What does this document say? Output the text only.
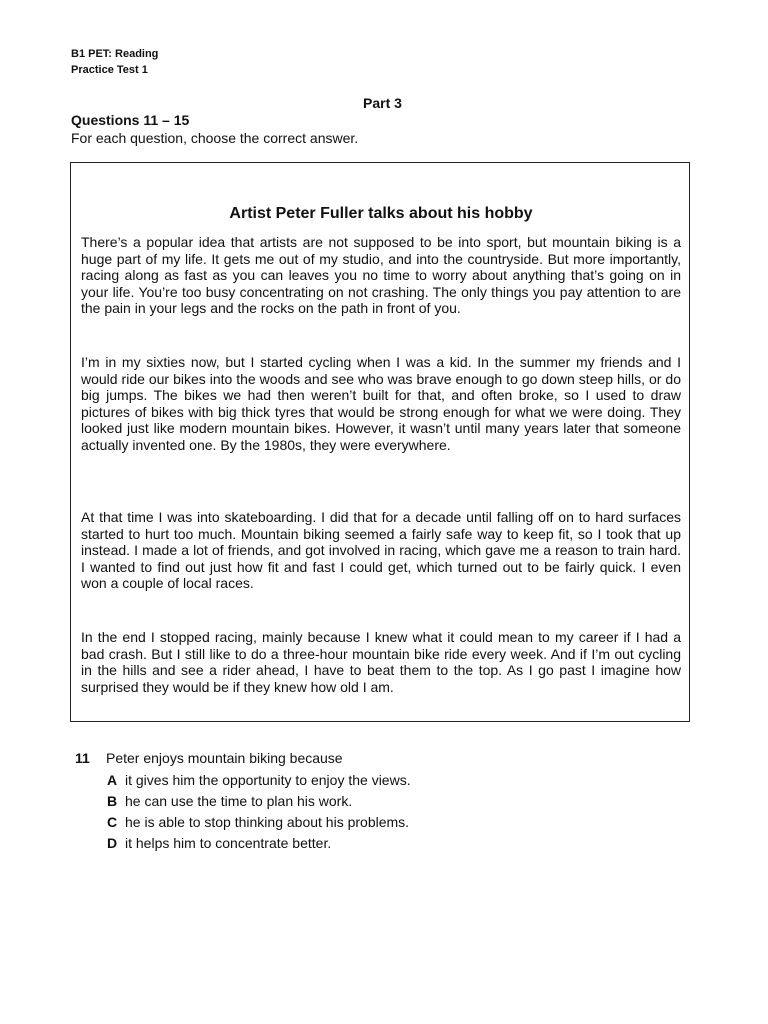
B1 PET: Reading
Practice Test 1
Part 3
Questions 11 – 15
For each question, choose the correct answer.
Artist Peter Fuller talks about his hobby

There’s a popular idea that artists are not supposed to be into sport, but mountain biking is a huge part of my life. It gets me out of my studio, and into the countryside. But more importantly, racing along as fast as you can leaves you no time to worry about anything that’s going on in your life. You’re too busy concentrating on not crashing. The only things you pay attention to are the pain in your legs and the rocks on the path in front of you.

I’m in my sixties now, but I started cycling when I was a kid. In the summer my friends and I would ride our bikes into the woods and see who was brave enough to go down steep hills, or do big jumps. The bikes we had then weren’t built for that, and often broke, so I used to draw pictures of bikes with big thick tyres that would be strong enough for what we were doing. They looked just like modern mountain bikes. However, it wasn’t until many years later that someone actually invented one. By the 1980s, they were everywhere.

At that time I was into skateboarding. I did that for a decade until falling off on to hard surfaces started to hurt too much. Mountain biking seemed a fairly safe way to keep fit, so I took that up instead. I made a lot of friends, and got involved in racing, which gave me a reason to train hard. I wanted to find out just how fit and fast I could get, which turned out to be fairly quick. I even won a couple of local races.

In the end I stopped racing, mainly because I knew what it could mean to my career if I had a bad crash. But I still like to do a three-hour mountain bike ride every week. And if I’m out cycling in the hills and see a rider ahead, I have to beat them to the top. As I go past I imagine how surprised they would be if they knew how old I am.

11 Peter enjoys mountain biking because
A it gives him the opportunity to enjoy the views.
B he can use the time to plan his work.
C he is able to stop thinking about his problems.
D it helps him to concentrate better.
